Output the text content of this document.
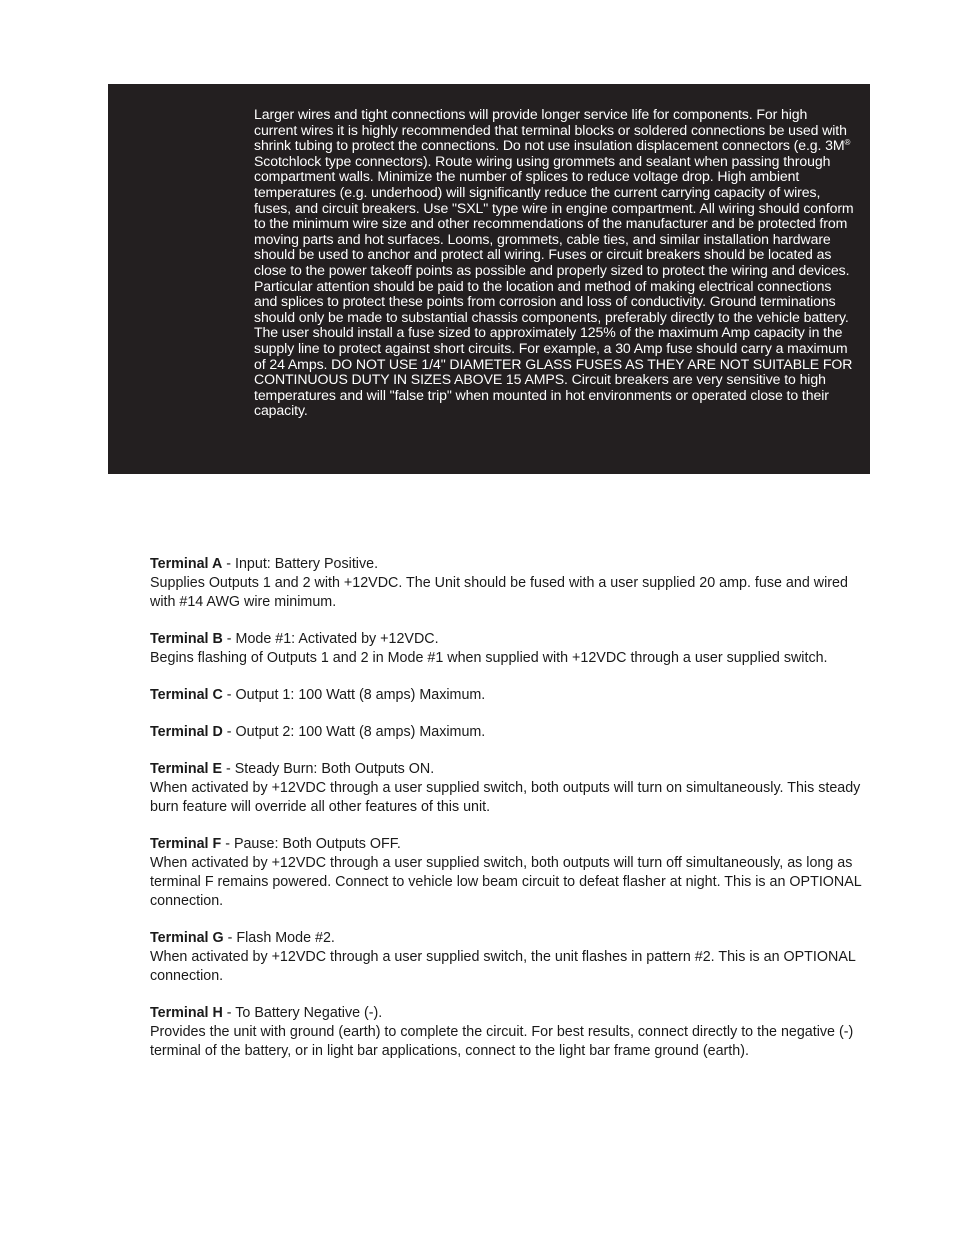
Larger wires and tight connections will provide longer service life for components. For high current wires it is highly recommended that terminal blocks or soldered connections be used with shrink tubing to protect the connections. Do not use insulation displacement connectors (e.g. 3M® Scotchlock type connectors). Route wiring using grommets and sealant when passing through compartment walls. Minimize the number of splices to reduce voltage drop. High ambient temperatures (e.g. underhood) will significantly reduce the current carrying capacity of wires, fuses, and circuit breakers. Use "SXL" type wire in engine compartment. All wiring should conform to the minimum wire size and other recommendations of the manufacturer and be protected from moving parts and hot surfaces. Looms, grommets, cable ties, and similar installation hardware should be used to anchor and protect all wiring. Fuses or circuit breakers should be located as close to the power takeoff points as possible and properly sized to protect the wiring and devices. Particular attention should be paid to the location and method of making electrical connections and splices to protect these points from corrosion and loss of conductivity. Ground terminations should only be made to substantial chassis components, preferably directly to the vehicle battery. The user should install a fuse sized to approximately 125% of the maximum Amp capacity in the supply line to protect against short circuits. For example, a 30 Amp fuse should carry a maximum of 24 Amps. DO NOT USE 1/4" DIAMETER GLASS FUSES AS THEY ARE NOT SUITABLE FOR CONTINUOUS DUTY IN SIZES ABOVE 15 AMPS. Circuit breakers are very sensitive to high temperatures and will "false trip" when mounted in hot environments or operated close to their capacity.

Terminal A - Input: Battery Positive.

Supplies Outputs 1 and 2 with +12VDC. The Unit should be fused with a user supplied 20 amp. fuse and wired with #14 AWG wire minimum.

Terminal B - Mode #1: Activated by +12VDC.

Begins flashing of Outputs 1 and 2 in Mode #1 when supplied with +12VDC through a user supplied switch.

Terminal C - Output 1: 100 Watt (8 amps) Maximum.

Terminal D - Output 2: 100 Watt (8 amps) Maximum.

Terminal E - Steady Burn: Both Outputs ON.

When activated by +12VDC through a user supplied switch, both outputs will turn on simultaneously. This steady burn feature will override all other features of this unit.

Terminal F - Pause: Both Outputs OFF.

When activated by +12VDC through a user supplied switch, both outputs will turn off simultaneously, as long as terminal F remains powered. Connect to vehicle low beam circuit to defeat flasher at night. This is an OPTIONAL connection.

Terminal G - Flash Mode #2.

When activated by +12VDC through a user supplied switch, the unit flashes in pattern #2. This is an OPTIONAL connection.

Terminal H - To Battery Negative (-).

Provides the unit with ground (earth) to complete the circuit. For best results, connect directly to the negative (-) terminal of the battery, or in light bar applications, connect to the light bar frame ground (earth).
